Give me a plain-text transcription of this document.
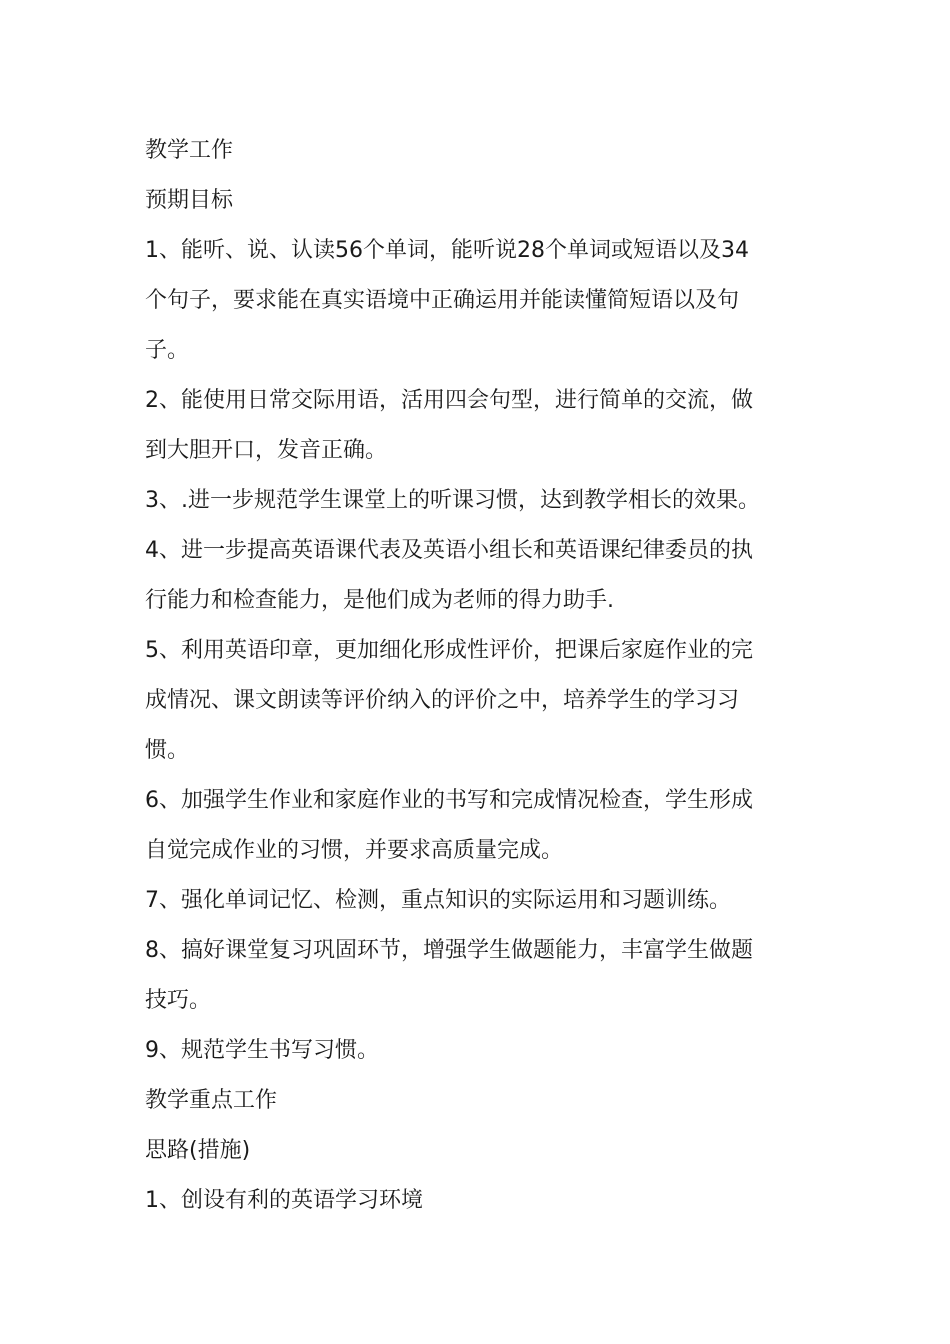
教学工作

预期目标

1、能听、说、认读56个单词，能听说28个单词或短语以及34

个句子，要求能在真实语境中正确运用并能读懂简短语以及句

子。

2、能使用日常交际用语，活用四会句型，进行简单的交流，做

到大胆开口，发音正确。

3、.进一步规范学生课堂上的听课习惯，达到教学相长的效果。

4、进一步提高英语课代表及英语小组长和英语课纪律委员的执

行能力和检查能力，是他们成为老师的得力助手.

5、利用英语印章，更加细化形成性评价，把课后家庭作业的完

成情况、课文朗读等评价纳入的评价之中，培养学生的学习习

惯。

6、加强学生作业和家庭作业的书写和完成情况检查，学生形成

自觉完成作业的习惯，并要求高质量完成。

7、强化单词记忆、检测，重点知识的实际运用和习题训练。

8、搞好课堂复习巩固环节，增强学生做题能力，丰富学生做题

技巧。

9、规范学生书写习惯。

教学重点工作

思路(措施)

1、创设有利的英语学习环境
